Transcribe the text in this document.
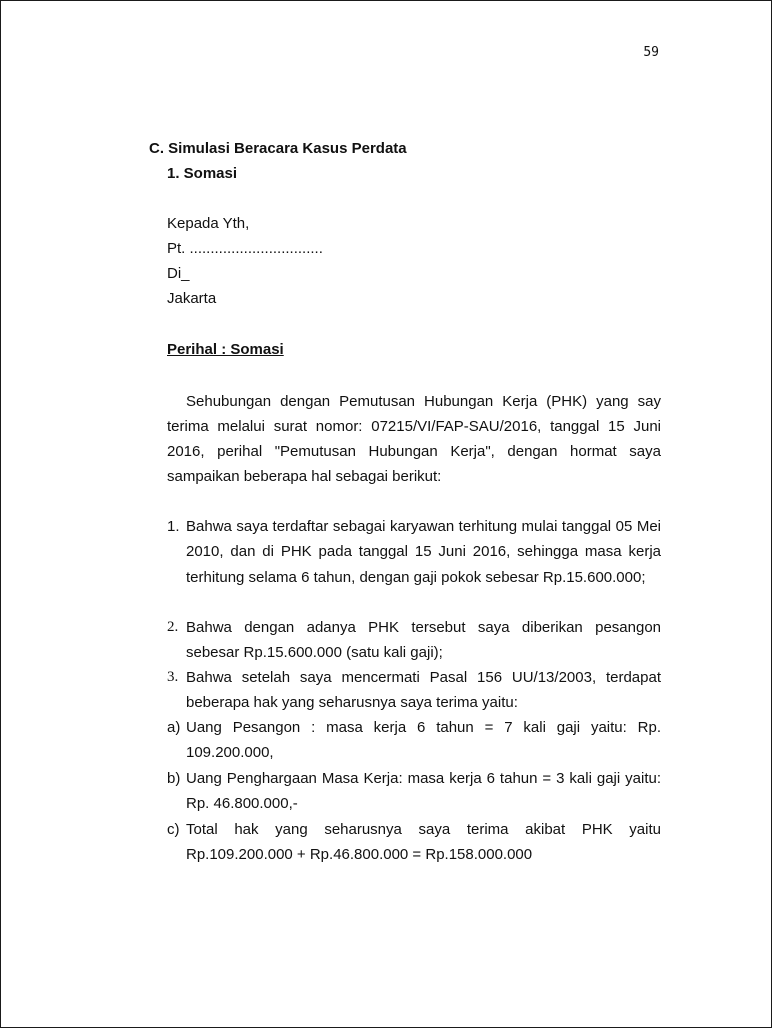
59
C. Simulasi Beracara Kasus Perdata
1. Somasi
Kepada Yth,
Pt. ................................
Di_
Jakarta
Perihal : Somasi
Sehubungan dengan Pemutusan Hubungan Kerja (PHK) yang say
terima melalui surat nomor: 07215/VI/FAP-SAU/2016, tanggal 15 Juni
2016, perihal "Pemutusan Hubungan Kerja", dengan hormat saya
sampaikan beberapa hal sebagai berikut:
1. Bahwa saya terdaftar sebagai karyawan terhitung mulai tanggal 05 Mei 2010, dan di PHK pada tanggal 15 Juni 2016, sehingga masa kerja terhitung selama 6 tahun, dengan gaji pokok sebesar Rp.15.600.000;
2. Bahwa dengan adanya PHK tersebut saya diberikan pesangon sebesar Rp.15.600.000 (satu kali gaji);
3. Bahwa setelah saya mencermati Pasal 156 UU/13/2003, terdapat beberapa hak yang seharusnya saya terima yaitu:
a) Uang Pesangon : masa kerja 6 tahun = 7 kali gaji yaitu: Rp. 109.200.000,
b) Uang Penghargaan Masa Kerja: masa kerja 6 tahun = 3 kali gaji yaitu: Rp. 46.800.000,-
c) Total hak yang seharusnya saya terima akibat PHK yaitu Rp.109.200.000 + Rp.46.800.000 = Rp.158.000.000
